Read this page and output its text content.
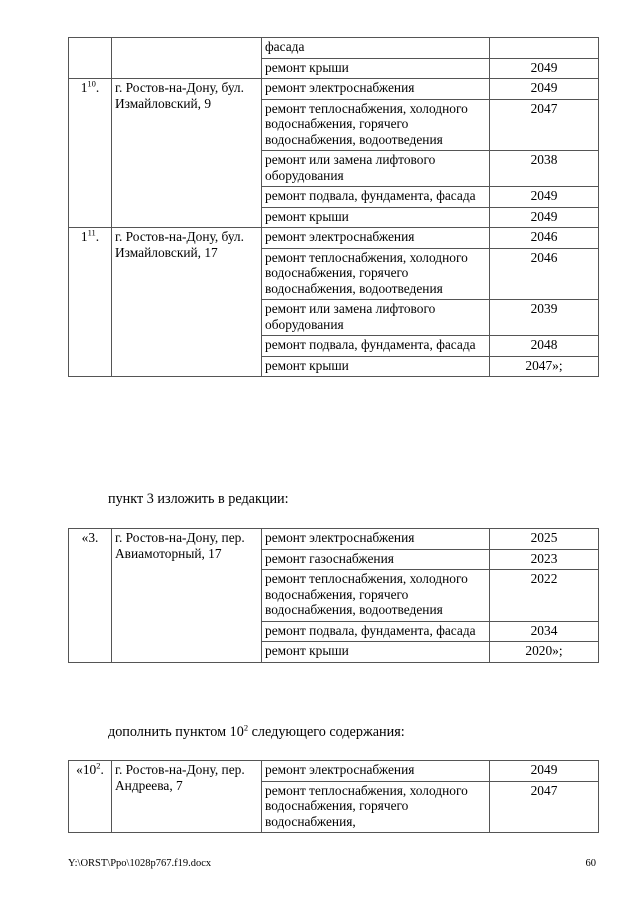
		фасада	
		ремонт крыши	2049
$1^{10}$.	г. Ростов-на-Дону, бул. Измайловский, 9	ремонт электроснабжения	2049
		ремонт теплоснабжения, холодного водоснабжения, горячего водоснабжения, водоотведения	2047
		ремонт или замена лифтового оборудования	2038
		ремонт подвала, фундамента, фасада	2049
		ремонт крыши	2049
$1^{11}$.	г. Ростов-на-Дону, бул. Измайловский, 17	ремонт электроснабжения	2046
		ремонт теплоснабжения, холодного водоснабжения, горячего водоснабжения, водоотведения	2046
		ремонт или замена лифтового оборудования	2039
		ремонт подвала, фундамента, фасада	2048
		ремонт крыши	2047»;
пункт 3 изложить в редакции:
«3.	г. Ростов-на-Дону, пер. Авиамоторный, 17	ремонт электроснабжения	2025
		ремонт газоснабжения	2023
		ремонт теплоснабжения, холодного водоснабжения, горячего водоснабжения, водоотведения	2022
		ремонт подвала, фундамента, фасада	2034
		ремонт крыши	2020»;
дополнить пунктом $10^2$ следующего содержания:
«$10^2$.	г. Ростов-на-Дону, пер. Андреева, 7	ремонт электроснабжения	2049
		ремонт теплоснабжения, холодного водоснабжения, горячего водоснабжения,	2047
Y:\ORST\Ppo\1028p767.f19.docx	60
